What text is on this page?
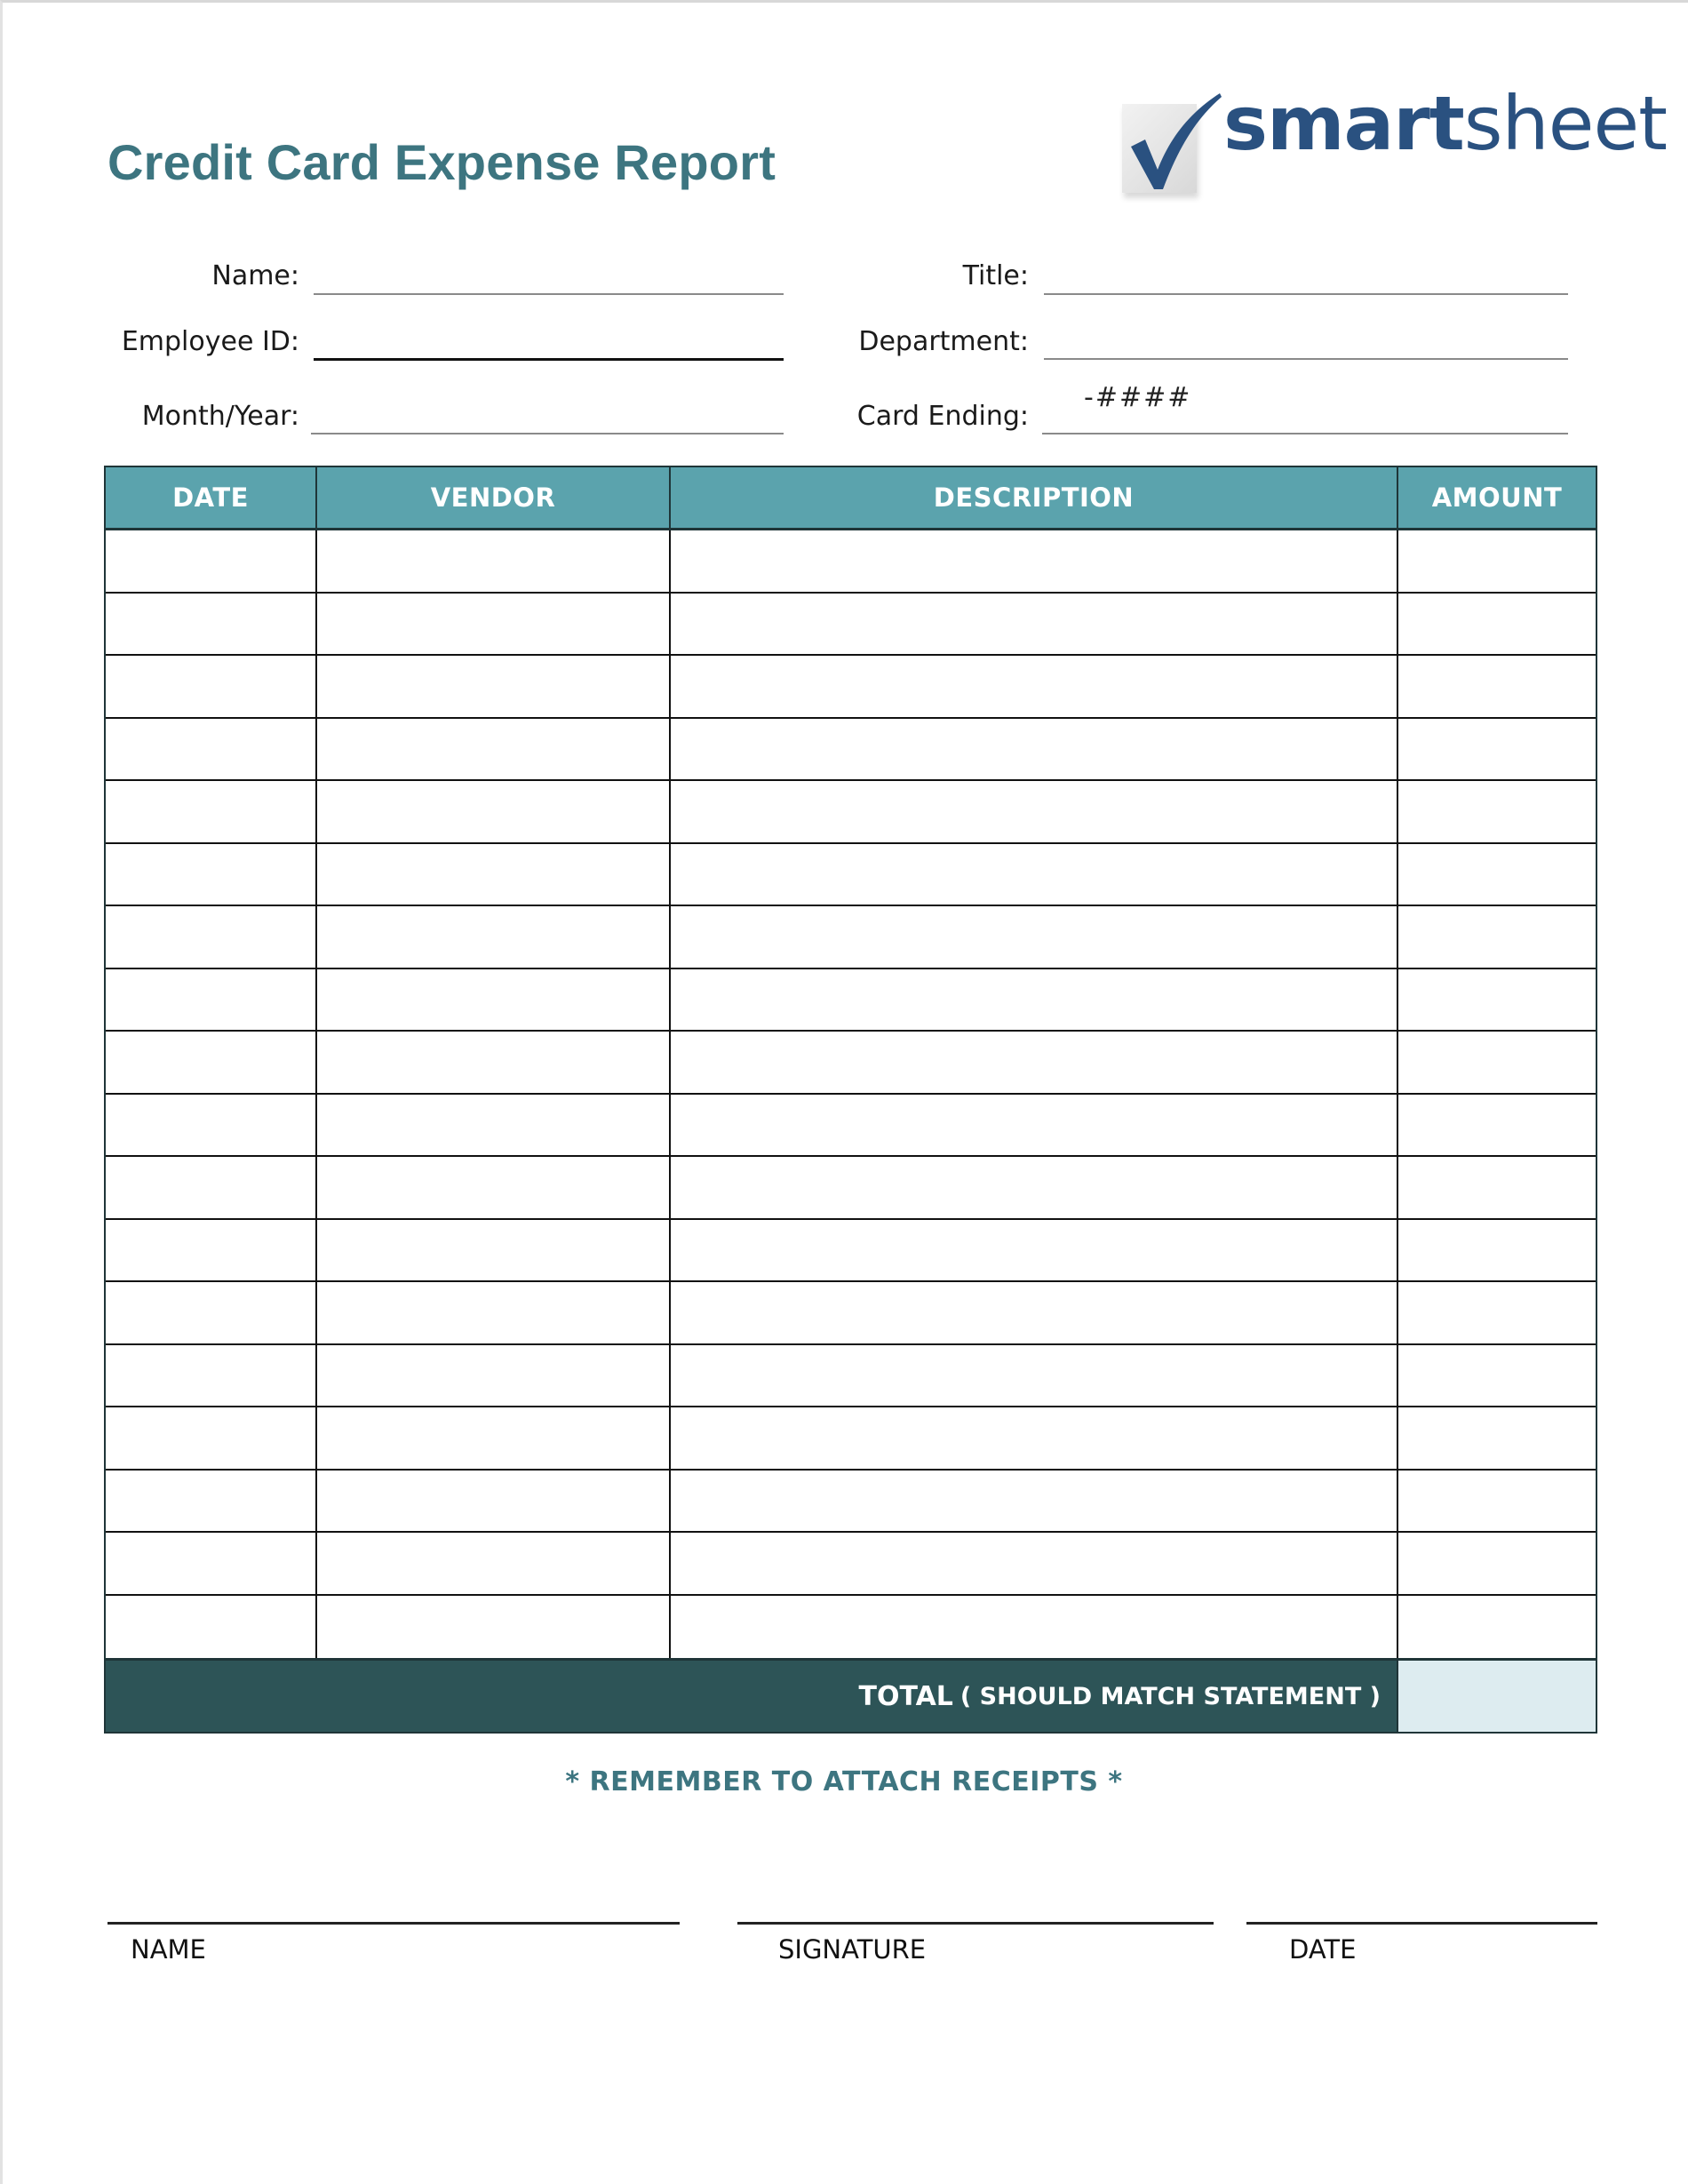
Credit Card Expense Report	smartsheet
Name:
Employee ID:
Month/Year:
Title:
Department:
Card Ending:
-####
DATE	VENDOR	DESCRIPTION	AMOUNT
TOTAL ( SHOULD MATCH STATEMENT )
* REMEMBER TO ATTACH RECEIPTS *
NAME	SIGNATURE	DATE
